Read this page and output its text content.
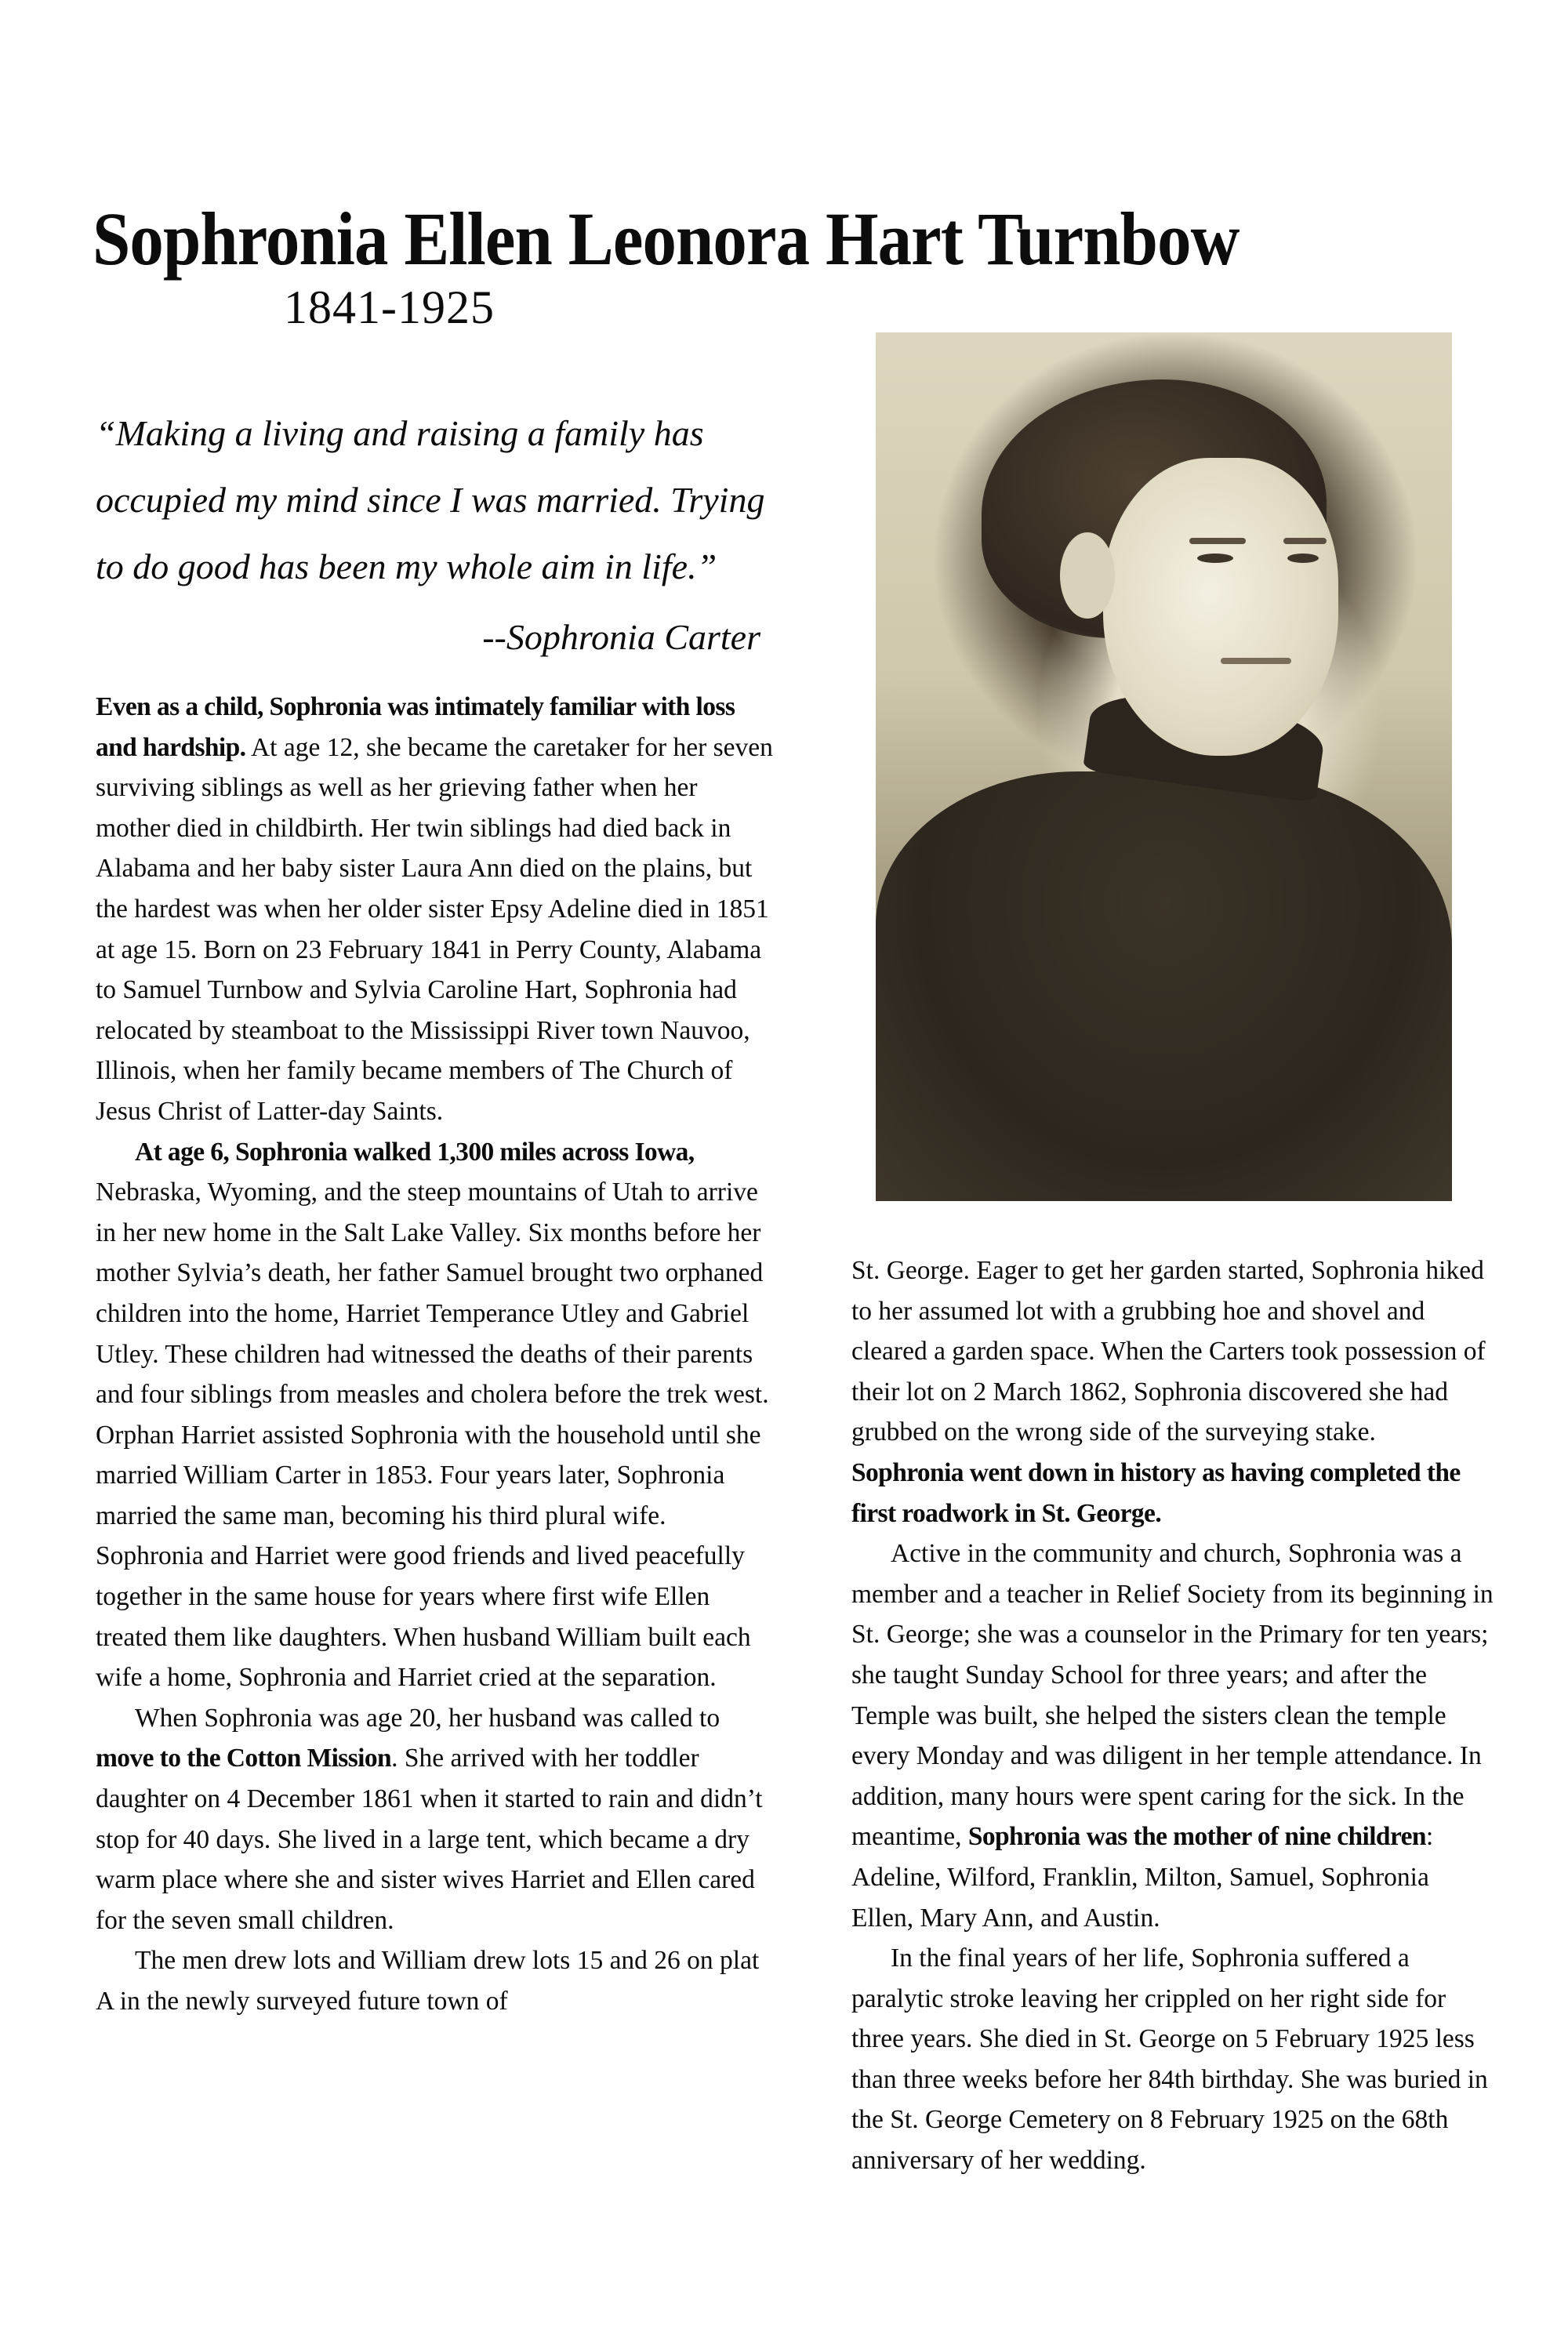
Sophronia Ellen Leonora Hart Turnbow
1841-1925
“Making a living and raising a family has
occupied my mind since I was married. Trying
to do good has been my whole aim in life.”
--Sophronia Carter

Even as a child, Sophronia was intimately familiar with loss and hardship. At age 12, she became the caretaker for her seven surviving siblings as well as her grieving father when her mother died in childbirth. Her twin siblings had died back in Alabama and her baby sister Laura Ann died on the plains, but the hardest was when her older sister Epsy Adeline died in 1851 at age 15. Born on 23 February 1841 in Perry County, Alabama to Samuel Turnbow and Sylvia Caroline Hart, Sophronia had relocated by steamboat to the Mississippi River town Nauvoo, Illinois, when her family became members of The Church of Jesus Christ of Latter-day Saints.

At age 6, Sophronia walked 1,300 miles across Iowa, Nebraska, Wyoming, and the steep mountains of Utah to arrive in her new home in the Salt Lake Valley. Six months before her mother Sylvia’s death, her father Samuel brought two orphaned children into the home, Harriet Temperance Utley and Gabriel Utley. These children had witnessed the deaths of their parents and four siblings from measles and cholera before the trek west. Orphan Harriet assisted Sophronia with the household until she married William Carter in 1853. Four years later, Sophronia married the same man, becoming his third plural wife. Sophronia and Harriet were good friends and lived peacefully together in the same house for years where first wife Ellen treated them like daughters. When husband William built each wife a home, Sophronia and Harriet cried at the separation.

When Sophronia was age 20, her husband was called to move to the Cotton Mission. She arrived with her toddler daughter on 4 December 1861 when it started to rain and didn’t stop for 40 days. She lived in a large tent, which became a dry warm place where she and sister wives Harriet and Ellen cared for the seven small children.

The men drew lots and William drew lots 15 and 26 on plat A in the newly surveyed future town of

St. George. Eager to get her garden started, Sophronia hiked to her assumed lot with a grubbing hoe and shovel and cleared a garden space. When the Carters took possession of their lot on 2 March 1862, Sophronia discovered she had grubbed on the wrong side of the surveying stake. Sophronia went down in history as having completed the first roadwork in St. George.

Active in the community and church, Sophronia was a member and a teacher in Relief Society from its beginning in St. George; she was a counselor in the Primary for ten years; she taught Sunday School for three years; and after the Temple was built, she helped the sisters clean the temple every Monday and was diligent in her temple attendance. In addition, many hours were spent caring for the sick. In the meantime, Sophronia was the mother of nine children: Adeline, Wilford, Franklin, Milton, Samuel, Sophronia Ellen, Mary Ann, and Austin.

In the final years of her life, Sophronia suffered a paralytic stroke leaving her crippled on her right side for three years. She died in St. George on 5 February 1925 less than three weeks before her 84th birthday. She was buried in the St. George Cemetery on 8 February 1925 on the 68th anniversary of her wedding.
